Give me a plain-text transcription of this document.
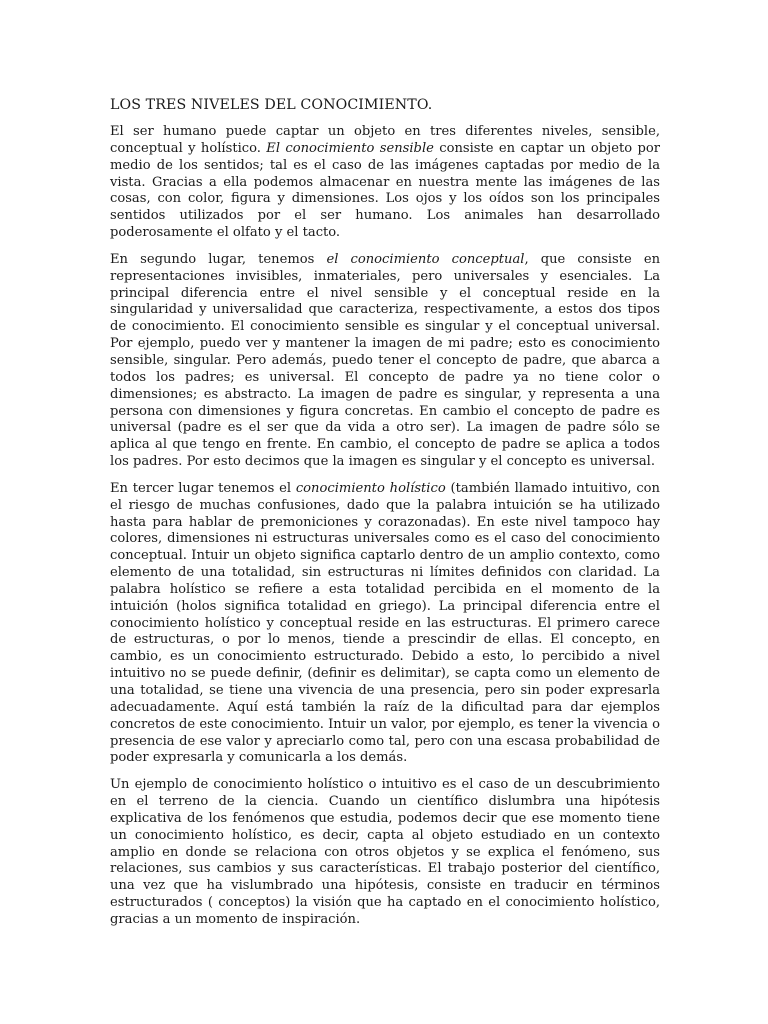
LOS TRES NIVELES DEL CONOCIMIENTO.

El ser humano puede captar un objeto en tres diferentes niveles, sensible, conceptual y holístico. El conocimiento sensible consiste en captar un objeto por medio de los sentidos; tal es el caso de las imágenes captadas por medio de la vista. Gracias a ella podemos almacenar en nuestra mente las imágenes de las cosas, con color, figura y dimensiones. Los ojos y los oídos son los principales sentidos utilizados por el ser humano. Los animales han desarrollado poderosamente el olfato y el tacto.

En segundo lugar, tenemos el conocimiento conceptual, que consiste en representaciones invisibles, inmateriales, pero universales y esenciales. La principal diferencia entre el nivel sensible y el conceptual reside en la singularidad y universalidad que caracteriza, respectivamente, a estos dos tipos de conocimiento. El conocimiento sensible es singular y el conceptual universal. Por ejemplo, puedo ver y mantener la imagen de mi padre; esto es conocimiento sensible, singular. Pero además, puedo tener el concepto de padre, que abarca a todos los padres; es universal. El concepto de padre ya no tiene color o dimensiones; es abstracto. La imagen de padre es singular, y representa a una persona con dimensiones y figura concretas. En cambio el concepto de padre es universal (padre es el ser que da vida a otro ser). La imagen de padre sólo se aplica al que tengo en frente. En cambio, el concepto de padre se aplica a todos los padres. Por esto decimos que la imagen es singular y el concepto es universal.

En tercer lugar tenemos el conocimiento holístico (también llamado intuitivo, con el riesgo de muchas confusiones, dado que la palabra intuición se ha utilizado hasta para hablar de premoniciones y corazonadas). En este nivel tampoco hay colores, dimensiones ni estructuras universales como es el caso del conocimiento conceptual. Intuir un objeto significa captarlo dentro de un amplio contexto, como elemento de una totalidad, sin estructuras ni límites definidos con claridad. La palabra holístico se refiere a esta totalidad percibida en el momento de la intuición (holos significa totalidad en griego). La principal diferencia entre el conocimiento holístico y conceptual reside en las estructuras. El primero carece de estructuras, o por lo menos, tiende a prescindir de ellas. El concepto, en cambio, es un conocimiento estructurado. Debido a esto, lo percibido a nivel intuitivo no se puede definir, (definir es delimitar), se capta como un elemento de una totalidad, se tiene una vivencia de una presencia, pero sin poder expresarla adecuadamente. Aquí está también la raíz de la dificultad para dar ejemplos concretos de este conocimiento. Intuir un valor, por ejemplo, es tener la vivencia o presencia de ese valor y apreciarlo como tal, pero con una escasa probabilidad de poder expresarla y comunicarla a los demás.

Un ejemplo de conocimiento holístico o intuitivo es el caso de un descubrimiento en el terreno de la ciencia. Cuando un científico dislumbra una hipótesis explicativa de los fenómenos que estudia, podemos decir que ese momento tiene un conocimiento holístico, es decir, capta al objeto estudiado en un contexto amplio en donde se relaciona con otros objetos y se explica el fenómeno, sus relaciones, sus cambios y sus características. El trabajo posterior del científico, una vez que ha vislumbrado una hipótesis, consiste en traducir en términos estructurados ( conceptos) la visión que ha captado en el conocimiento holístico, gracias a un momento de inspiración.
